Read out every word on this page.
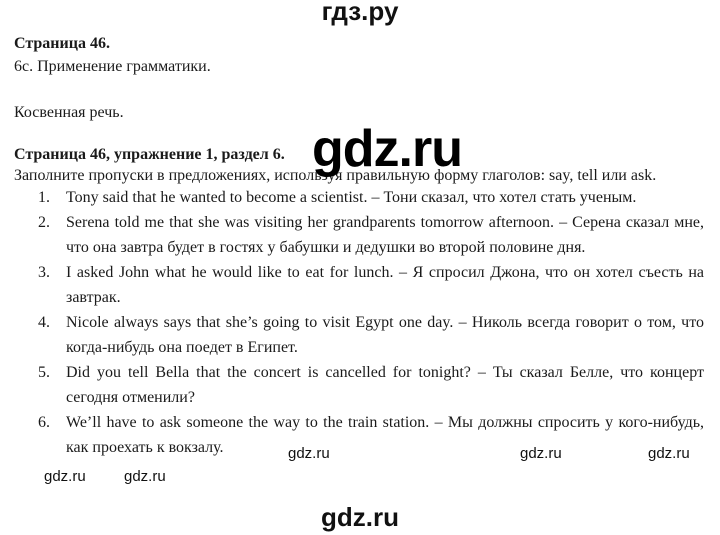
гдз.ру
Страница 46.
6c. Применение грамматики.
Косвенная речь.
Страница 46, упражнение 1, раздел 6.
Заполните пропуски в предложениях, используя правильную форму глаголов: say, tell или ask.
1. Tony said that he wanted to become a scientist. – Тони сказал, что хотел стать ученым.
2. Serena told me that she was visiting her grandparents tomorrow afternoon. – Серена сказал мне, что она завтра будет в гостях у бабушки и дедушки во второй половине дня.
3. I asked John what he would like to eat for lunch. – Я спросил Джона, что он хотел съесть на завтрак.
4. Nicole always says that she’s going to visit Egypt one day. – Николь всегда говорит о том, что когда-нибудь она поедет в Египет.
5. Did you tell Bella that the concert is cancelled for tonight? – Ты сказал Белле, что концерт сегодня отменили?
6. We’ll have to ask someone the way to the train station. – Мы должны спросить у кого-нибудь, как проехать к вокзалу.
gdz.ru
gdz.ru	gdz.ru	gdz.ru
gdz.ru	gdz.ru
gdz.ru
